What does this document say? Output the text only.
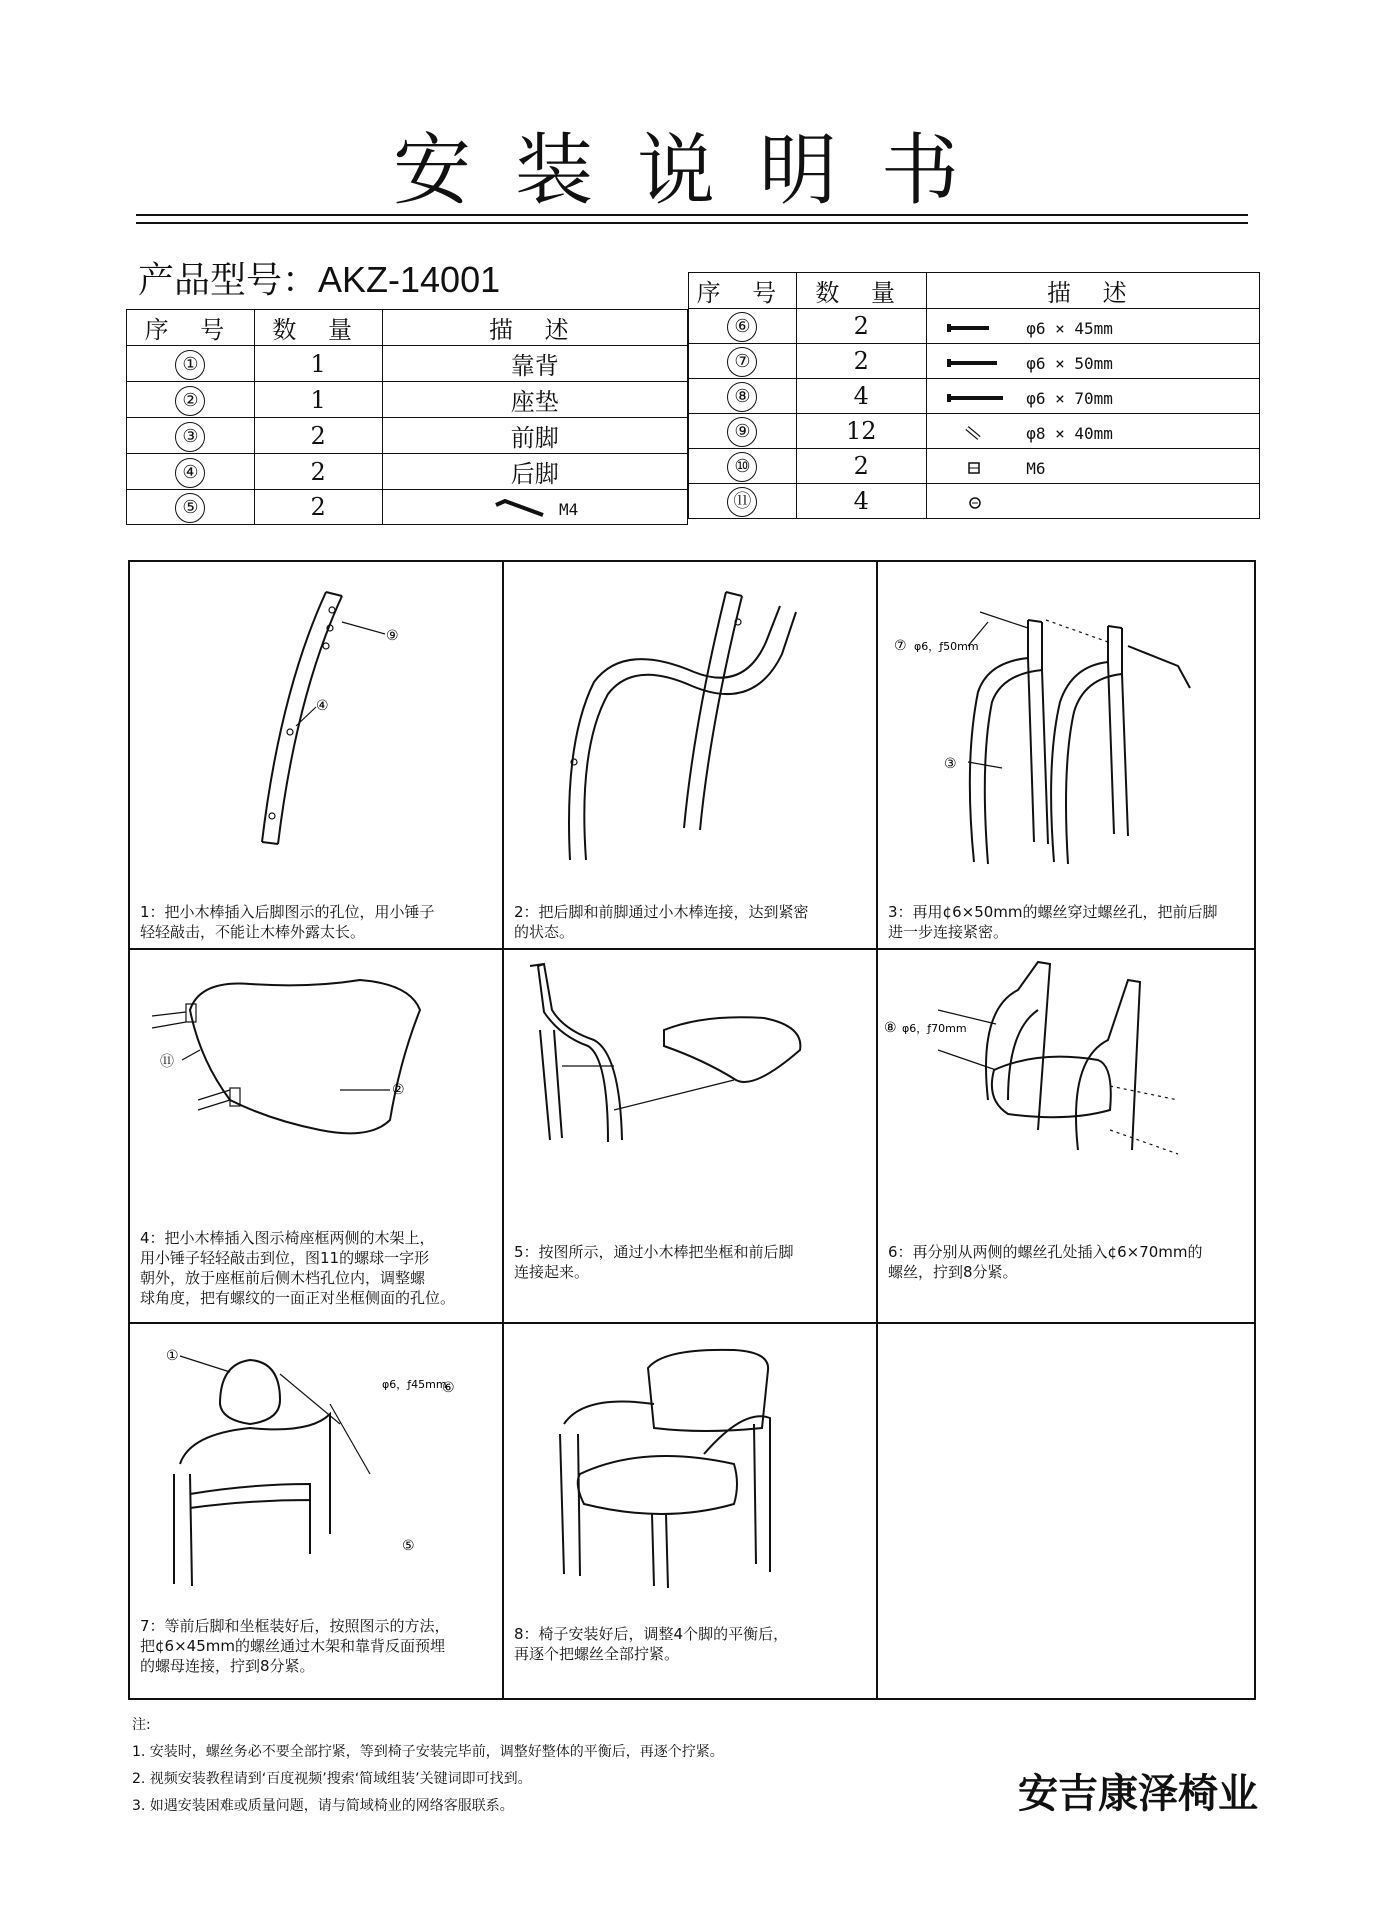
安装说明书
产品型号：AKZ-14001
序 号	数 量	描 述
①	1	靠背
②	1	座垫
③	2	前脚
④	2	后脚
⑤	2	M4
序 号	数 量	描 述
⑥	2	φ6 × 45mm
⑦	2	φ6 × 50mm
⑧	4	φ6 × 70mm
⑨	12	φ8 × 40mm
⑩	2	M6
⑪	4	
⑨
④
1：把小木棒插入后脚图示的孔位，用小锤子
轻轻敲击，不能让木棒外露太长。
2：把后脚和前脚通过小木棒连接，达到紧密
的状态。
⑦ φ6，ƒ50mm
③
3：再用¢6×50mm的螺丝穿过螺丝孔，把前后脚
进一步连接紧密。
⑪
②
4：把小木棒插入图示椅座框两侧的木架上，
用小锤子轻轻敲击到位，图11的螺球一字形
朝外，放于座框前后侧木档孔位内，调整螺
球角度，把有螺纹的一面正对坐框侧面的孔位。
5：按图所示，通过小木棒把坐框和前后脚
连接起来。
⑧ φ6，ƒ70mm
6：再分别从两侧的螺丝孔处插入¢6×70mm的
螺丝，拧到8分紧。
①
φ6，ƒ45mm
⑥
⑤
7：等前后脚和坐框装好后，按照图示的方法，
把¢6×45mm的螺丝通过木架和靠背反面预埋
的螺母连接，拧到8分紧。
8：椅子安装好后，调整4个脚的平衡后，
再逐个把螺丝全部拧紧。
注:
1. 安装时，螺丝务必不要全部拧紧，等到椅子安装完毕前，调整好整体的平衡后，再逐个拧紧。
2. 视频安装教程请到‘百度视频’搜索‘简域组装’关键词即可找到。
3. 如遇安装困难或质量问题，请与简域椅业的网络客服联系。	安吉康泽椅业
